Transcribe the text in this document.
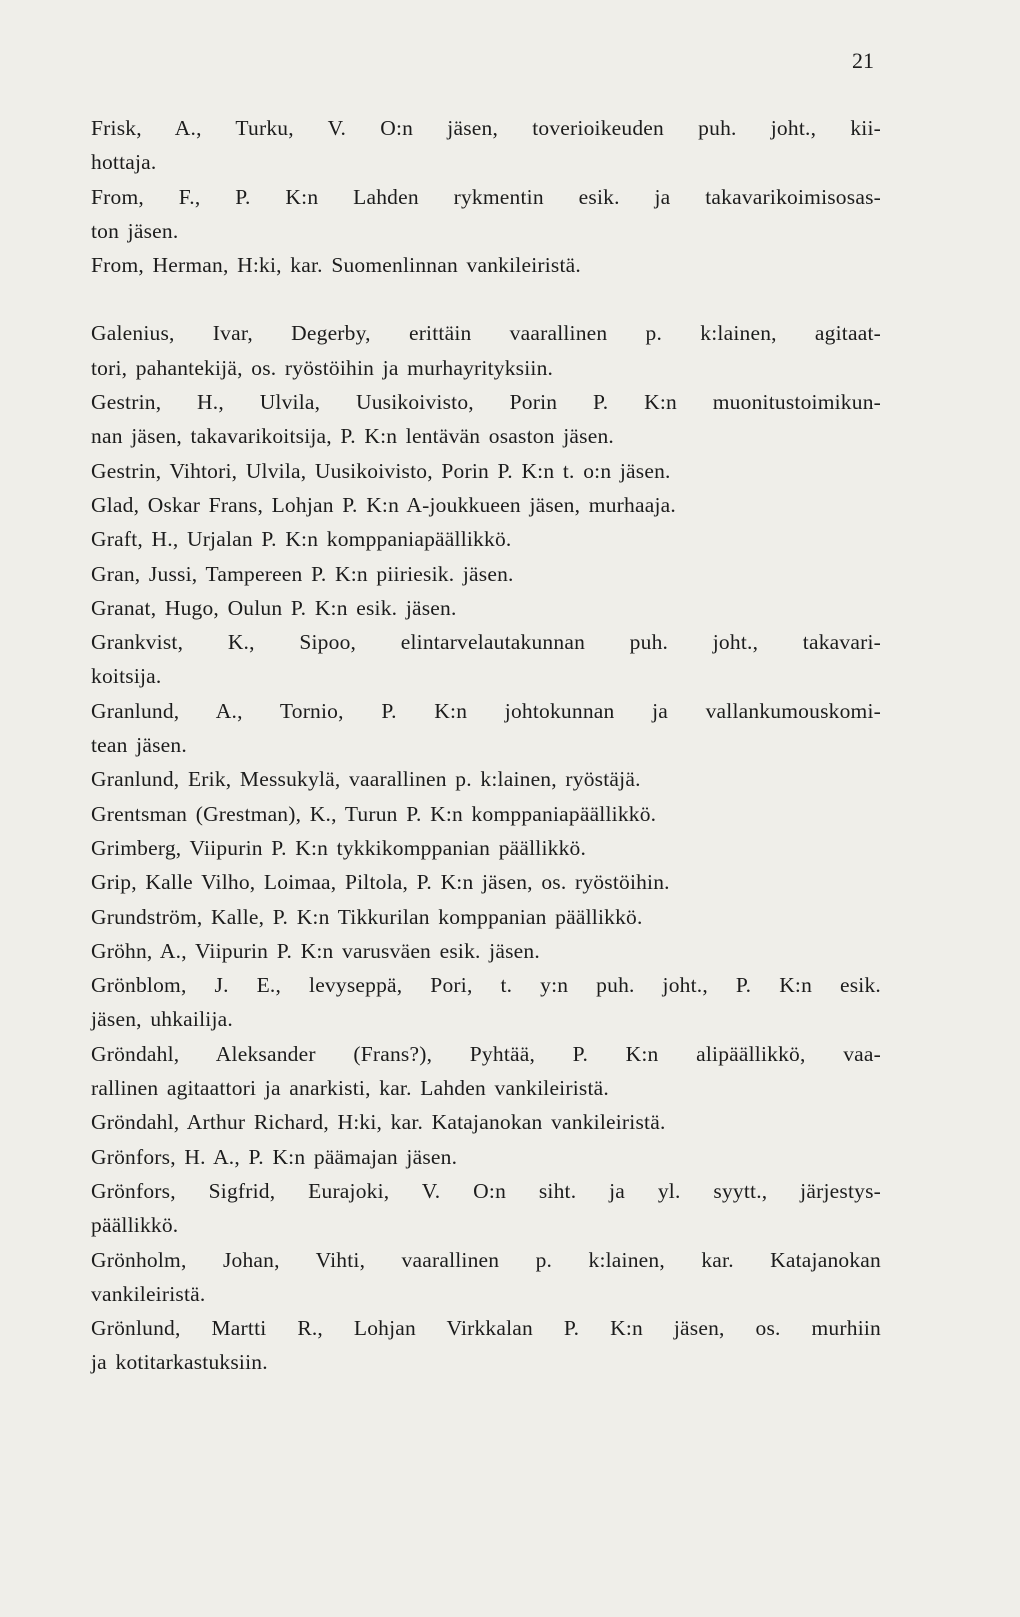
21

Frisk, A., Turku, V. O:n jäsen, toverioikeuden puh. joht., kii-
hottaja.

From, F., P. K:n Lahden rykmentin esik. ja takavarikoimisosas-
ton jäsen.

From, Herman, H:ki, kar. Suomenlinnan vankileiristä.

Galenius, Ivar, Degerby, erittäin vaarallinen p. k:lainen, agitaat-
tori, pahantekijä, os. ryöstöihin ja murhayrityksiin.

Gestrin, H., Ulvila, Uusikoivisto, Porin P. K:n muonitustoimikun-
nan jäsen, takavarikoitsija, P. K:n lentävän osaston jäsen.

Gestrin, Vihtori, Ulvila, Uusikoivisto, Porin P. K:n t. o:n jäsen.

Glad, Oskar Frans, Lohjan P. K:n A-joukkueen jäsen, murhaaja.

Graft, H., Urjalan P. K:n komppaniapäällikkö.

Gran, Jussi, Tampereen P. K:n piiriesik. jäsen.

Granat, Hugo, Oulun P. K:n esik. jäsen.

Grankvist, K., Sipoo, elintarvelautakunnan puh. joht., takavari-
koitsija.

Granlund, A., Tornio, P. K:n johtokunnan ja vallankumouskomi-
tean jäsen.

Granlund, Erik, Messukylä, vaarallinen p. k:lainen, ryöstäjä.

Grentsman (Grestman), K., Turun P. K:n komppaniapäällikkö.

Grimberg, Viipurin P. K:n tykkikomppanian päällikkö.

Grip, Kalle Vilho, Loimaa, Piltola, P. K:n jäsen, os. ryöstöihin.

Grundström, Kalle, P. K:n Tikkurilan komppanian päällikkö.

Gröhn, A., Viipurin P. K:n varusväen esik. jäsen.

Grönblom, J. E., levyseppä, Pori, t. y:n puh. joht., P. K:n esik.
jäsen, uhkailija.

Gröndahl, Aleksander (Frans?), Pyhtää, P. K:n alipäällikkö, vaa-
rallinen agitaattori ja anarkisti, kar. Lahden vankileiristä.

Gröndahl, Arthur Richard, H:ki, kar. Katajanokan vankileiristä.

Grönfors, H. A., P. K:n päämajan jäsen.

Grönfors, Sigfrid, Eurajoki, V. O:n siht. ja yl. syytt., järjestys-
päällikkö.

Grönholm, Johan, Vihti, vaarallinen p. k:lainen, kar. Katajanokan
vankileiristä.

Grönlund, Martti R., Lohjan Virkkalan P. K:n jäsen, os. murhiin
ja kotitarkastuksiin.
